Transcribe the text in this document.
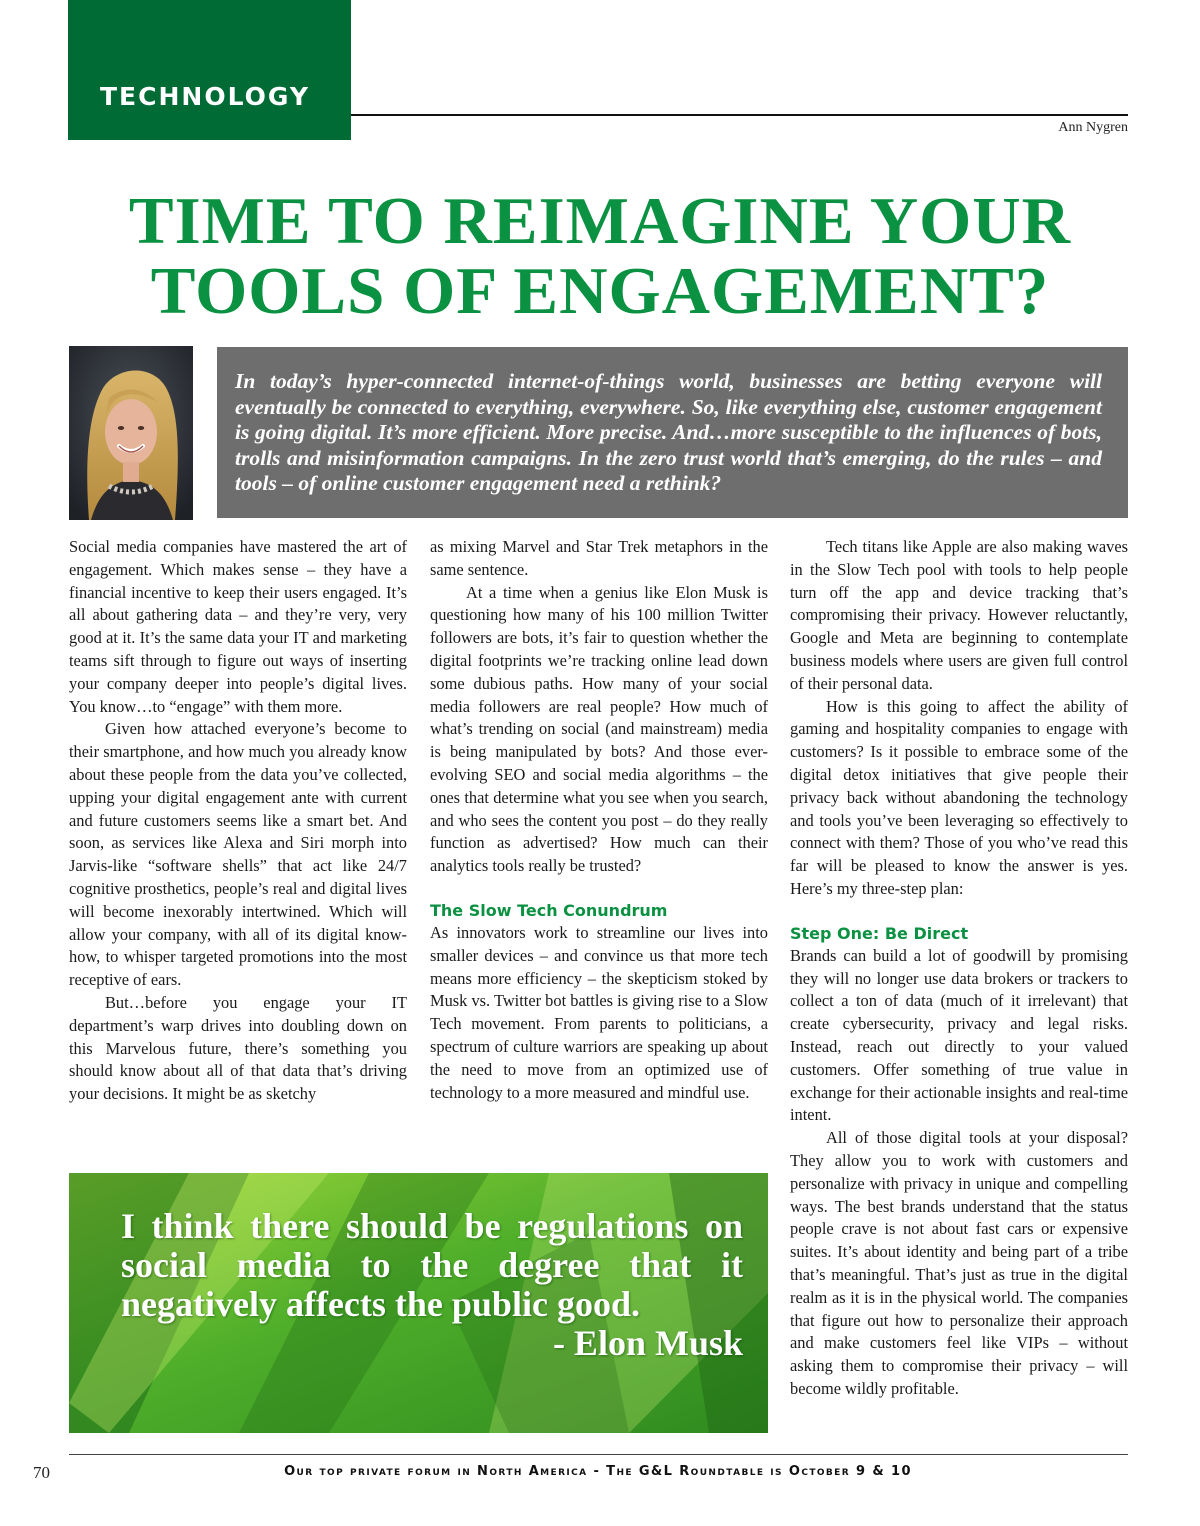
TECHNOLOGY
Ann Nygren
TIME TO REIMAGINE YOUR
TOOLS OF ENGAGEMENT?

In today’s hyper-connected internet-of-things world, businesses are betting everyone will eventually be connected to everything, everywhere. So, like everything else, customer engagement is going digital. It’s more efficient. More precise. And…more susceptible to the influences of bots, trolls and misinformation campaigns. In the zero trust world that’s emerging, do the rules – and tools – of online customer engagement need a rethink?

Social media companies have mastered the art of engagement. Which makes sense – they have a financial incentive to keep their users engaged. It’s all about gathering data – and they’re very, very good at it. It’s the same data your IT and marketing teams sift through to figure out ways of inserting your company deeper into people’s digital lives. You know…to “engage” with them more.

Given how attached everyone’s become to their smartphone, and how much you already know about these people from the data you’ve collected, upping your digital engagement ante with current and future customers seems like a smart bet. And soon, as services like Alexa and Siri morph into Jarvis-like “software shells” that act like 24/7 cognitive prosthetics, people’s real and digital lives will become inexorably intertwined. Which will allow your company, with all of its digital know-how, to whisper targeted promotions into the most receptive of ears.

But…before you engage your IT department’s warp drives into doubling down on this Marvelous future, there’s something you should know about all of that data that’s driving your decisions. It might be as sketchy

as mixing Marvel and Star Trek metaphors in the same sentence.

At a time when a genius like Elon Musk is questioning how many of his 100 million Twitter followers are bots, it’s fair to question whether the digital footprints we’re tracking online lead down some dubious paths. How many of your social media followers are real people? How much of what’s trending on social (and mainstream) media is being manipulated by bots? And those ever-evolving SEO and social media algorithms – the ones that determine what you see when you search, and who sees the content you post – do they really function as advertised? How much can their analytics tools really be trusted?

The Slow Tech Conundrum

As innovators work to streamline our lives into smaller devices – and convince us that more tech means more efficiency – the skepticism stoked by Musk vs. Twitter bot battles is giving rise to a Slow Tech movement. From parents to politicians, a spectrum of culture warriors are speaking up about the need to move from an optimized use of technology to a more measured and mindful use.

Tech titans like Apple are also making waves in the Slow Tech pool with tools to help people turn off the app and device tracking that’s compromising their privacy. However reluctantly, Google and Meta are beginning to contemplate business models where users are given full control of their personal data.

How is this going to affect the ability of gaming and hospitality companies to engage with customers? Is it possible to embrace some of the digital detox initiatives that give people their privacy back without abandoning the technology and tools you’ve been leveraging so effectively to connect with them? Those of you who’ve read this far will be pleased to know the answer is yes. Here’s my three-step plan:

Step One: Be Direct

Brands can build a lot of goodwill by promising they will no longer use data brokers or trackers to collect a ton of data (much of it irrelevant) that create cybersecurity, privacy and legal risks. Instead, reach out directly to your valued customers. Offer something of true value in exchange for their actionable insights and real-time intent.

All of those digital tools at your disposal? They allow you to work with customers and personalize with privacy in unique and compelling ways. The best brands understand that the status people crave is not about fast cars or expensive suites. It’s about identity and being part of a tribe that’s meaningful. That’s just as true in the digital realm as it is in the physical world. The companies that figure out how to personalize their approach and make customers feel like VIPs – without asking them to compromise their privacy – will become wildly profitable.

I think there should be regulations on social media to the degree that it negatively affects the public good.
- Elon Musk
70	Our top private forum in North America - The G&L Roundtable is October 9 & 10
